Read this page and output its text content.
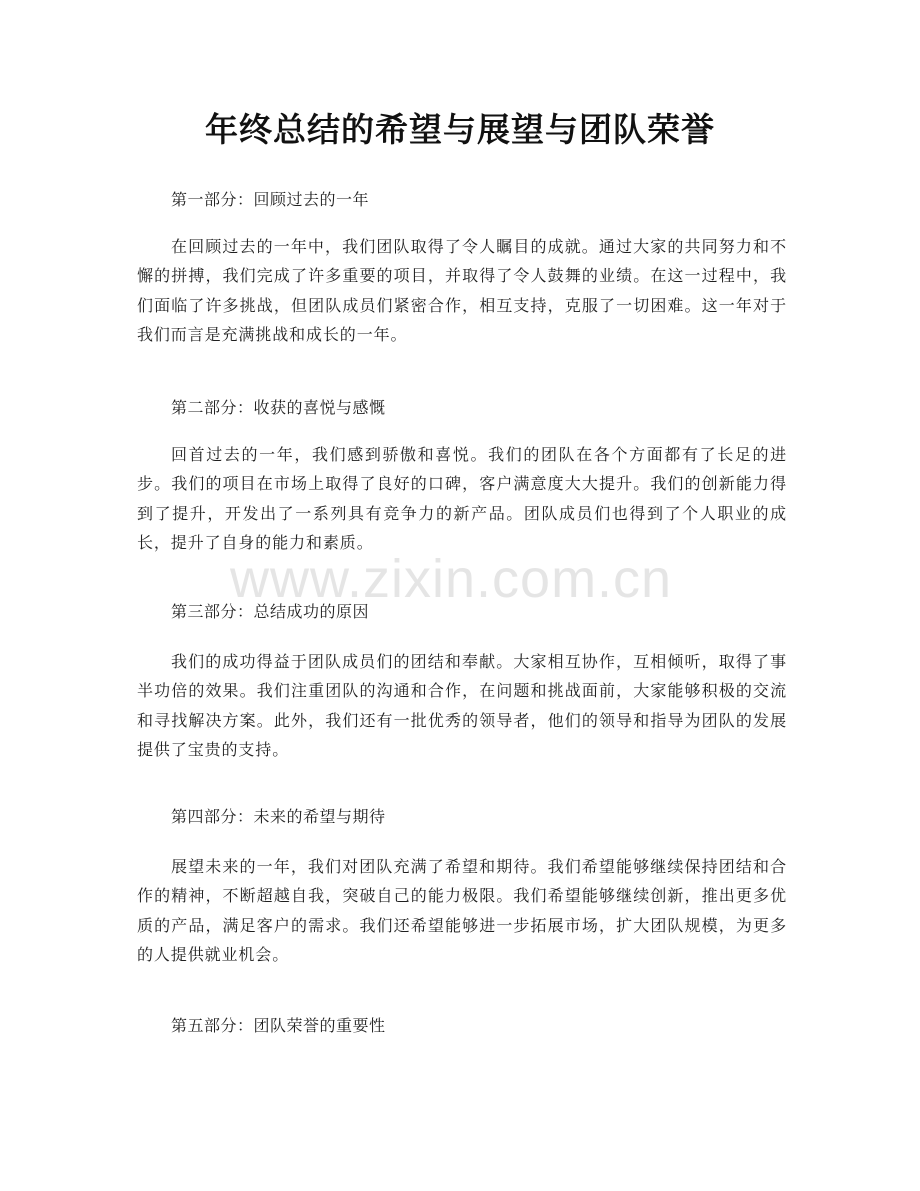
年终总结的希望与展望与团队荣誉
第一部分：回顾过去的一年
在回顾过去的一年中，我们团队取得了令人瞩目的成就。通过大家的共同努力和不懈的拼搏，我们完成了许多重要的项目，并取得了令人鼓舞的业绩。在这一过程中，我们面临了许多挑战，但团队成员们紧密合作，相互支持，克服了一切困难。这一年对于我们而言是充满挑战和成长的一年。
第二部分：收获的喜悦与感慨
回首过去的一年，我们感到骄傲和喜悦。我们的团队在各个方面都有了长足的进步。我们的项目在市场上取得了良好的口碑，客户满意度大大提升。我们的创新能力得到了提升，开发出了一系列具有竞争力的新产品。团队成员们也得到了个人职业的成长，提升了自身的能力和素质。
第三部分：总结成功的原因
我们的成功得益于团队成员们的团结和奉献。大家相互协作，互相倾听，取得了事半功倍的效果。我们注重团队的沟通和合作，在问题和挑战面前，大家能够积极的交流和寻找解决方案。此外，我们还有一批优秀的领导者，他们的领导和指导为团队的发展提供了宝贵的支持。
第四部分：未来的希望与期待
展望未来的一年，我们对团队充满了希望和期待。我们希望能够继续保持团结和合作的精神，不断超越自我，突破自己的能力极限。我们希望能够继续创新，推出更多优质的产品，满足客户的需求。我们还希望能够进一步拓展市场，扩大团队规模，为更多的人提供就业机会。
第五部分：团队荣誉的重要性
www.zixin.com.cn
